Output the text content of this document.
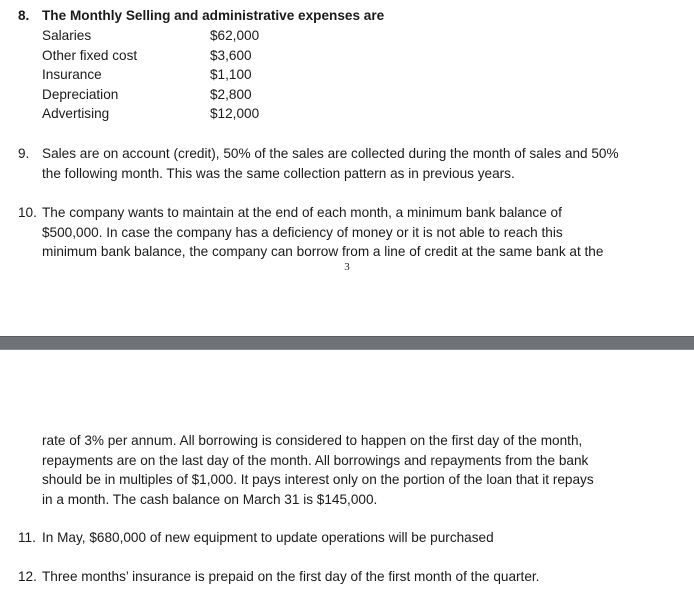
8. The Monthly Selling and administrative expenses are
Salaries	$62,000
Other fixed cost	$3,600
Insurance	$1,100
Depreciation	$2,800
Advertising	$12,000
9. Sales are on account (credit), 50% of the sales are collected during the month of sales and 50%
the following month. This was the same collection pattern as in previous years.
10. The company wants to maintain at the end of each month, a minimum bank balance of
$500,000. In case the company has a deficiency of money or it is not able to reach this
minimum bank balance, the company can borrow from a line of credit at the same bank at the
3
rate of 3% per annum. All borrowing is considered to happen on the first day of the month,
repayments are on the last day of the month. All borrowings and repayments from the bank
should be in multiples of $1,000. It pays interest only on the portion of the loan that it repays
in a month. The cash balance on March 31 is $145,000.
11. In May, $680,000 of new equipment to update operations will be purchased
12. Three months’ insurance is prepaid on the first day of the first month of the quarter.
